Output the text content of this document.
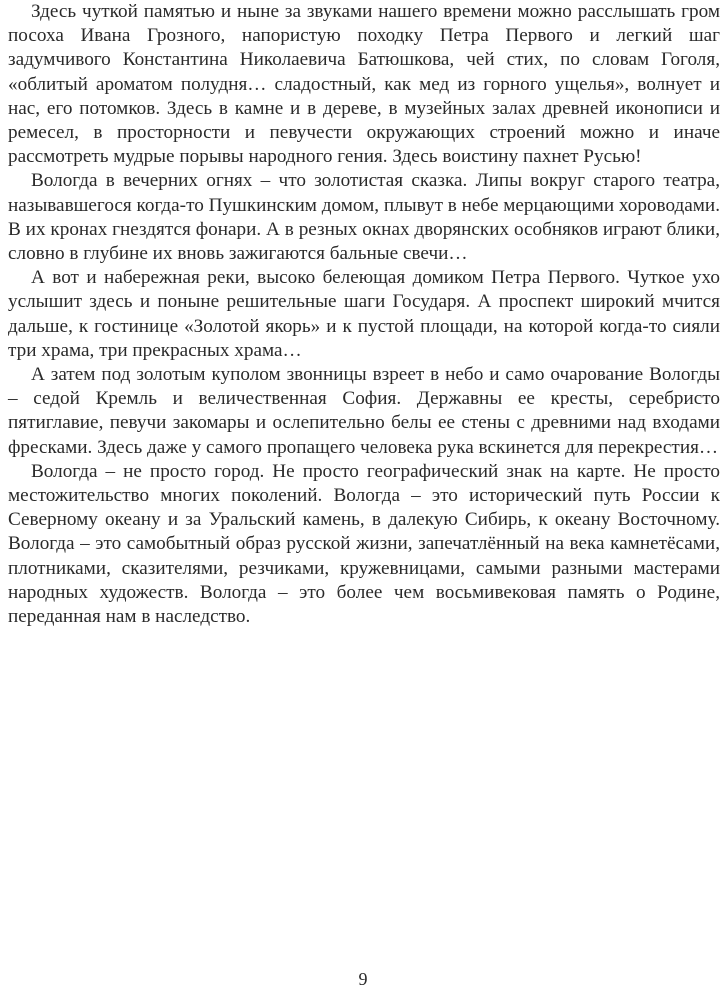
Здесь чуткой памятью и ныне за звуками нашего времени можно расслышать гром посоха Ивана Грозного, напористую походку Петра Первого и легкий шаг задумчивого Константина Николаевича Батюшкова, чей стих, по словам Гоголя, «облитый ароматом полудня… сладостный, как мед из горного ущелья», волнует и нас, его потомков. Здесь в камне и в дереве, в музейных залах древней иконописи и ремесел, в просторности и певучести окружающих строений можно и иначе рассмотреть мудрые порывы народного гения. Здесь воистину пахнет Русью!

Вологда в вечерних огнях – что золотистая сказка. Липы вокруг старого театра, называвшегося когда-то Пушкинским домом, плывут в небе мерцающими хороводами. В их кронах гнездятся фонари. А в резных окнах дворянских особняков играют блики, словно в глубине их вновь зажигаются бальные свечи…

А вот и набережная реки, высоко белеющая домиком Петра Первого. Чуткое ухо услышит здесь и поныне решительные шаги Государя. А проспект широкий мчится дальше, к гостинице «Золотой якорь» и к пустой площади, на которой когда-то сияли три храма, три прекрасных храма…

А затем под золотым куполом звонницы взреет в небо и само очарование Вологды – седой Кремль и величественная София. Державны ее кресты, серебристо пятиглавие, певучи закомары и ослепительно белы ее стены с древними над входами фресками. Здесь даже у самого пропащего человека рука вскинется для перекрестия…

Вологда – не просто город. Не просто географический знак на карте. Не просто местожительство многих поколений. Вологда – это исторический путь России к Северному океану и за Уральский камень, в далекую Сибирь, к океану Восточному. Вологда – это самобытный образ русской жизни, запечатлённый на века камнетёсами, плотниками, сказителями, резчиками, кружевницами, самыми разными мастерами народных художеств. Вологда – это более чем восьмивековая память о Родине, переданная нам в наследство.

9
